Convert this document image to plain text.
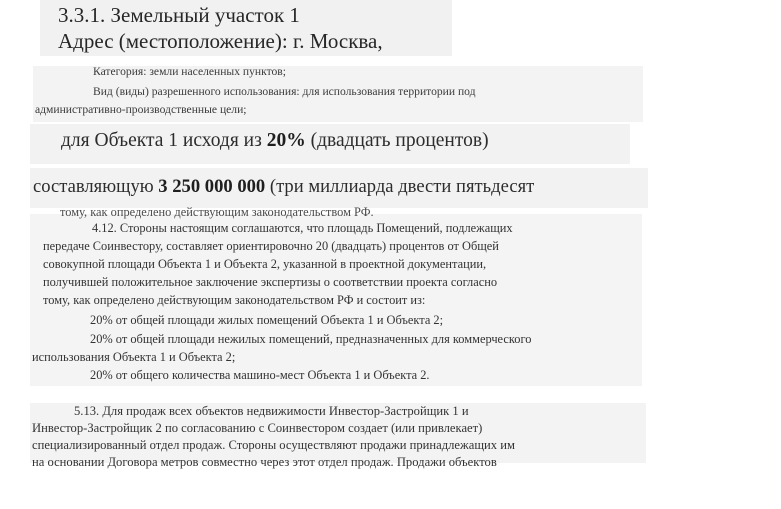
3.3.1. Земельный участок 1
Адрес (местоположение): г. Москва,
Категория: земли населенных пунктов;
Вид (виды) разрешенного использования: для использования территории под
административно-производственные цели;
для Объекта 1 исходя из 20% (двадцать процентов)
составляющую 3 250 000 000 (три миллиарда двести пятьдесят
тому, как определено действующим законодательством РФ.
4.12. Стороны настоящим соглашаются, что площадь Помещений, подлежащих
передаче Соинвестору, составляет ориентировочно 20 (двадцать) процентов от Общей
совокупной площади Объекта 1 и Объекта 2, указанной в проектной документации,
получившей положительное заключение экспертизы о соответствии проекта согласно
тому, как определено действующим законодательством РФ и состоит из:
20% от общей площади жилых помещений Объекта 1 и Объекта 2;
20% от общей площади нежилых помещений, предназначенных для коммерческого
использования Объекта 1 и Объекта 2;
20% от общего количества машино-мест Объекта 1 и Объекта 2.
5.13. Для продаж всех объектов недвижимости Инвестор-Застройщик 1 и
Инвестор-Застройщик 2 по согласованию с Соинвестором создает (или привлекает)
специализированный отдел продаж. Стороны осуществляют продажи принадлежащих им
на основании Договора метров совместно через этот отдел продаж. Продажи объектов
